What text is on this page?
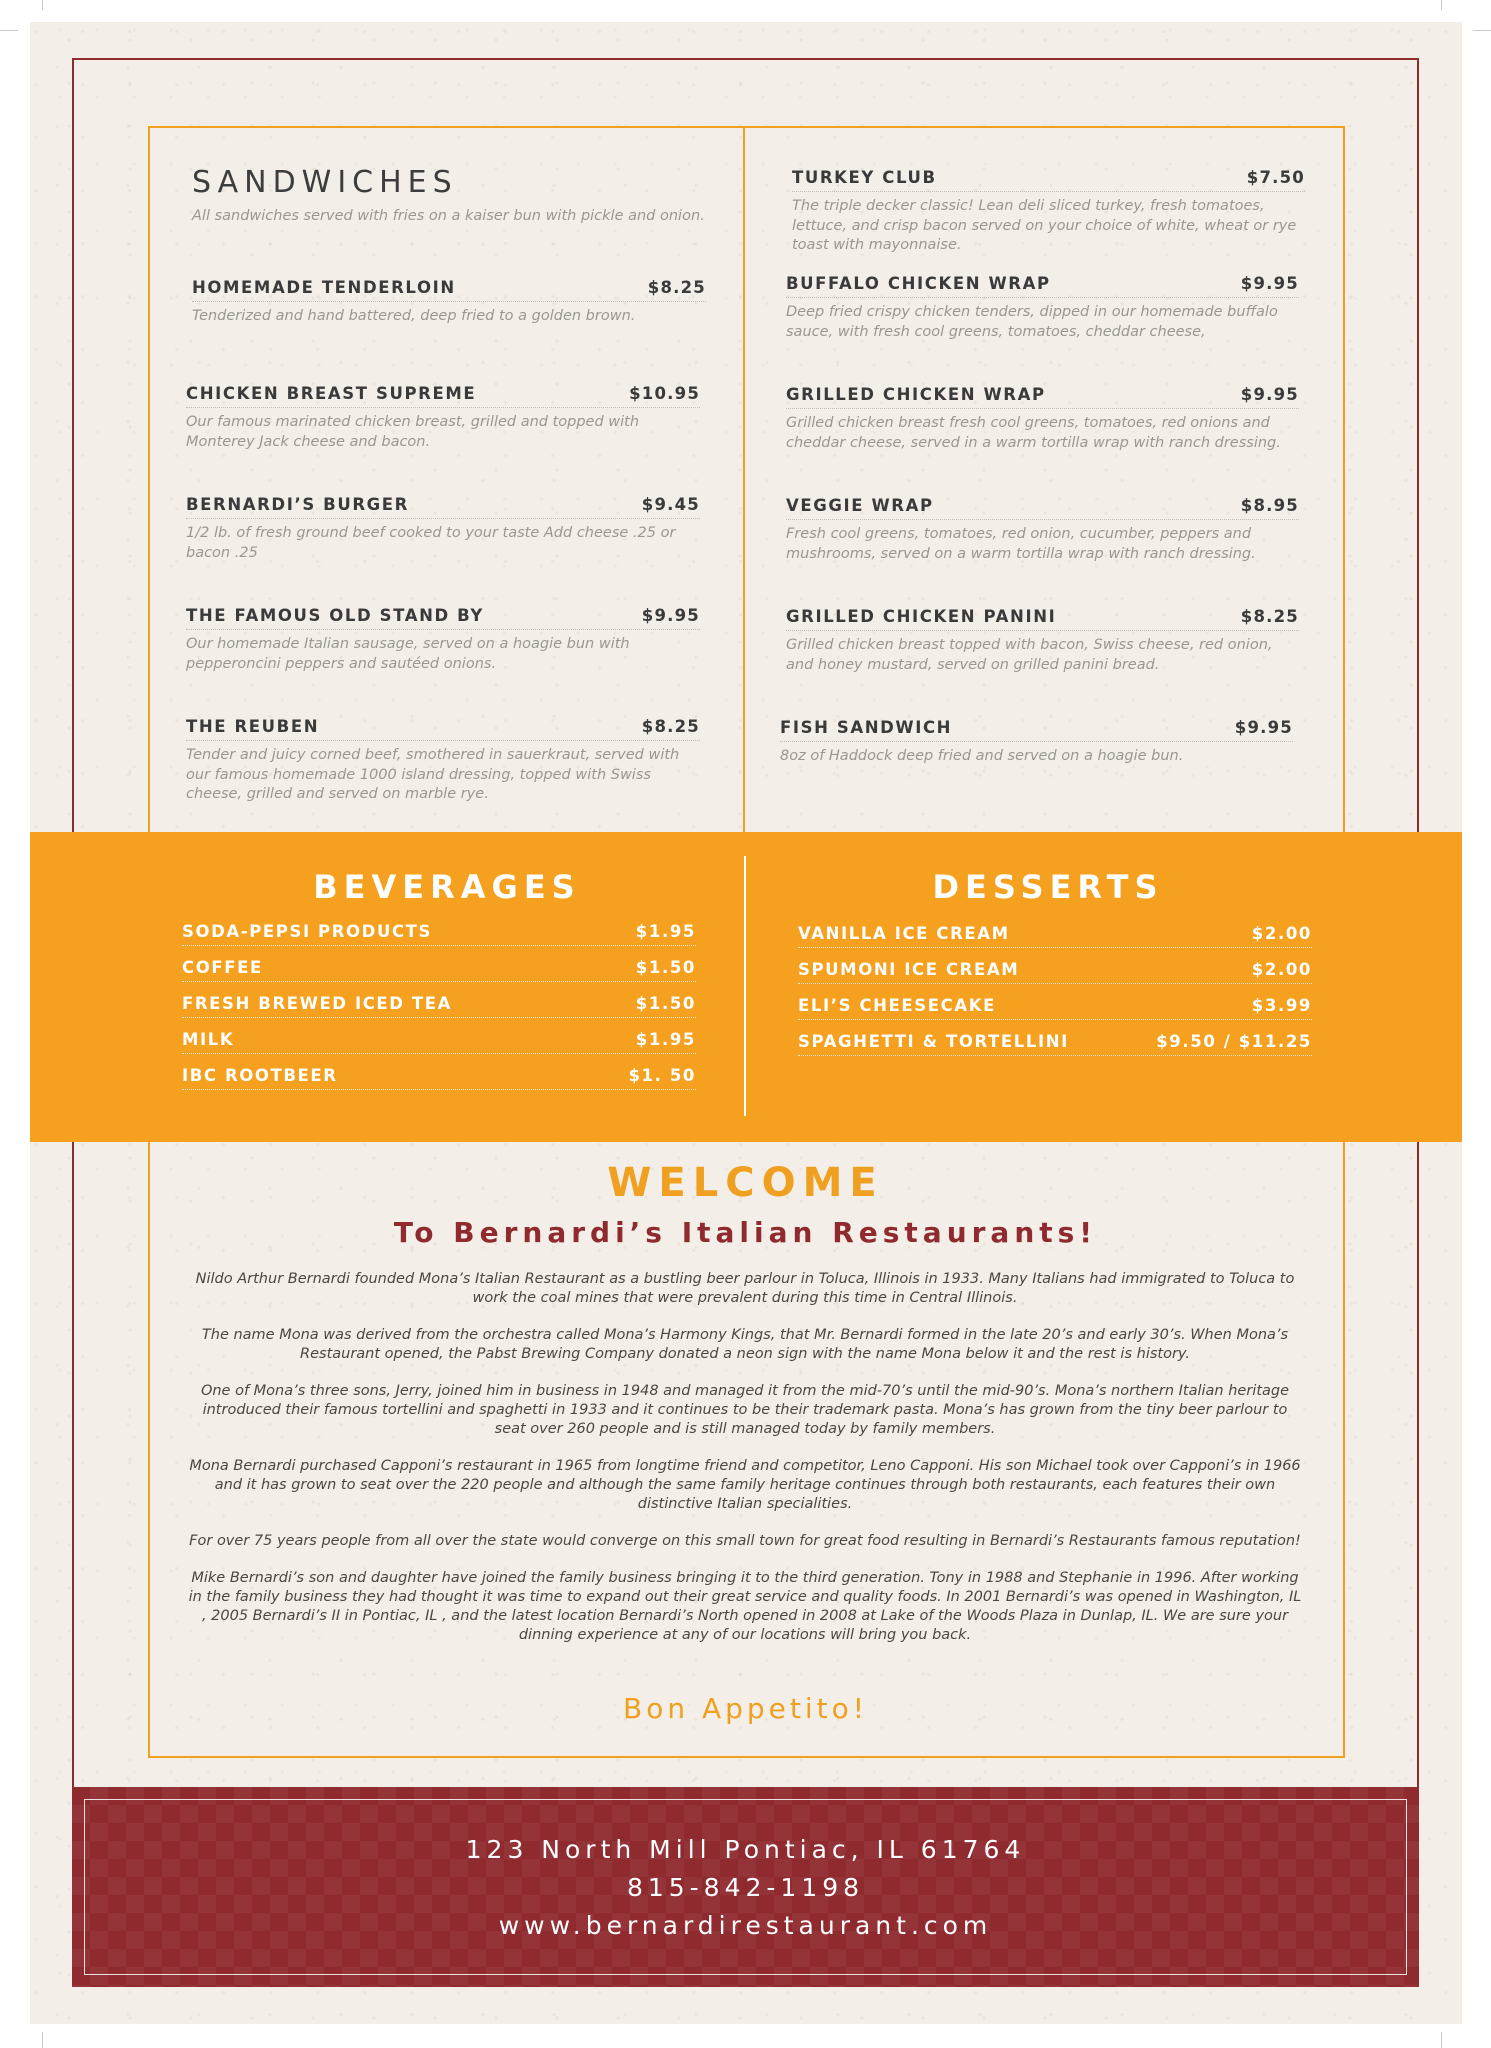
SANDWICHES
All sandwiches served with fries on a kaiser bun with pickle and onion.
HOMEMADE TENDERLOIN	$8.25
Tenderized and hand battered, deep fried to a golden brown.
CHICKEN BREAST SUPREME	$10.95
Our famous marinated chicken breast, grilled and topped with Monterey Jack cheese and bacon.
BERNARDI’S BURGER	$9.45
1/2 lb. of fresh ground beef cooked to your taste Add cheese .25 or bacon .25
THE FAMOUS OLD STAND BY	$9.95
Our homemade Italian sausage, served on a hoagie bun with pepperoncini peppers and sautéed onions.
THE REUBEN	$8.25
Tender and juicy corned beef, smothered in sauerkraut, served with our famous homemade 1000 island dressing, topped with Swiss cheese, grilled and served on marble rye.
TURKEY CLUB	$7.50
The triple decker classic! Lean deli sliced turkey, fresh tomatoes, lettuce, and crisp bacon served on your choice of white, wheat or rye toast with mayonnaise.
BUFFALO CHICKEN WRAP	$9.95
Deep fried crispy chicken tenders, dipped in our homemade buffalo sauce, with fresh cool greens, tomatoes, cheddar cheese,
GRILLED CHICKEN WRAP	$9.95
Grilled chicken breast fresh cool greens, tomatoes, red onions and cheddar cheese, served in a warm tortilla wrap with ranch dressing.
VEGGIE WRAP	$8.95
Fresh cool greens, tomatoes, red onion, cucumber, peppers and mushrooms, served on a warm tortilla wrap with ranch dressing.
GRILLED CHICKEN PANINI	$8.25
Grilled chicken breast topped with bacon, Swiss cheese, red onion, and honey mustard, served on grilled panini bread.
FISH SANDWICH	$9.95
8oz of Haddock deep fried and served on a hoagie bun.
BEVERAGES
SODA-PEPSI PRODUCTS	$1.95
COFFEE	$1.50
FRESH BREWED ICED TEA	$1.50
MILK	$1.95
IBC ROOTBEER	$1. 50
DESSERTS
VANILLA ICE CREAM	$2.00
SPUMONI ICE CREAM	$2.00
ELI’S CHEESECAKE	$3.99
SPAGHETTI & TORTELLINI	$9.50 / $11.25
WELCOME
To Bernardi’s Italian Restaurants!

Nildo Arthur Bernardi founded Mona’s Italian Restaurant as a bustling beer parlour in Toluca, Illinois in 1933. Many Italians had immigrated to Toluca to work the coal mines that were prevalent during this time in Central Illinois.

The name Mona was derived from the orchestra called Mona’s Harmony Kings, that Mr. Bernardi formed in the late 20’s and early 30’s. When Mona’s Restaurant opened, the Pabst Brewing Company donated a neon sign with the name Mona below it and the rest is history.

One of Mona’s three sons, Jerry, joined him in business in 1948 and managed it from the mid-70’s until the mid-90’s. Mona’s northern Italian heritage introduced their famous tortellini and spaghetti in 1933 and it continues to be their trademark pasta. Mona’s has grown from the tiny beer parlour to seat over 260 people and is still managed today by family members.

Mona Bernardi purchased Capponi’s restaurant in 1965 from longtime friend and competitor, Leno Capponi. His son Michael took over Capponi’s in 1966 and it has grown to seat over the 220 people and although the same family heritage continues through both restaurants, each features their own distinctive Italian specialities.

For over 75 years people from all over the state would converge on this small town for great food resulting in Bernardi’s Restaurants famous reputation!

Mike Bernardi’s son and daughter have joined the family business bringing it to the third generation. Tony in 1988 and Stephanie in 1996. After working in the family business they had thought it was time to expand out their great service and quality foods. In 2001 Bernardi’s was opened in Washington, IL , 2005 Bernardi’s II in Pontiac, IL , and the latest location Bernardi’s North opened in 2008 at Lake of the Woods Plaza in Dunlap, IL. We are sure your dinning experience at any of our locations will bring you back.

Bon Appetito!
123 North Mill Pontiac, IL 61764
815-842-1198
www.bernardirestaurant.com
